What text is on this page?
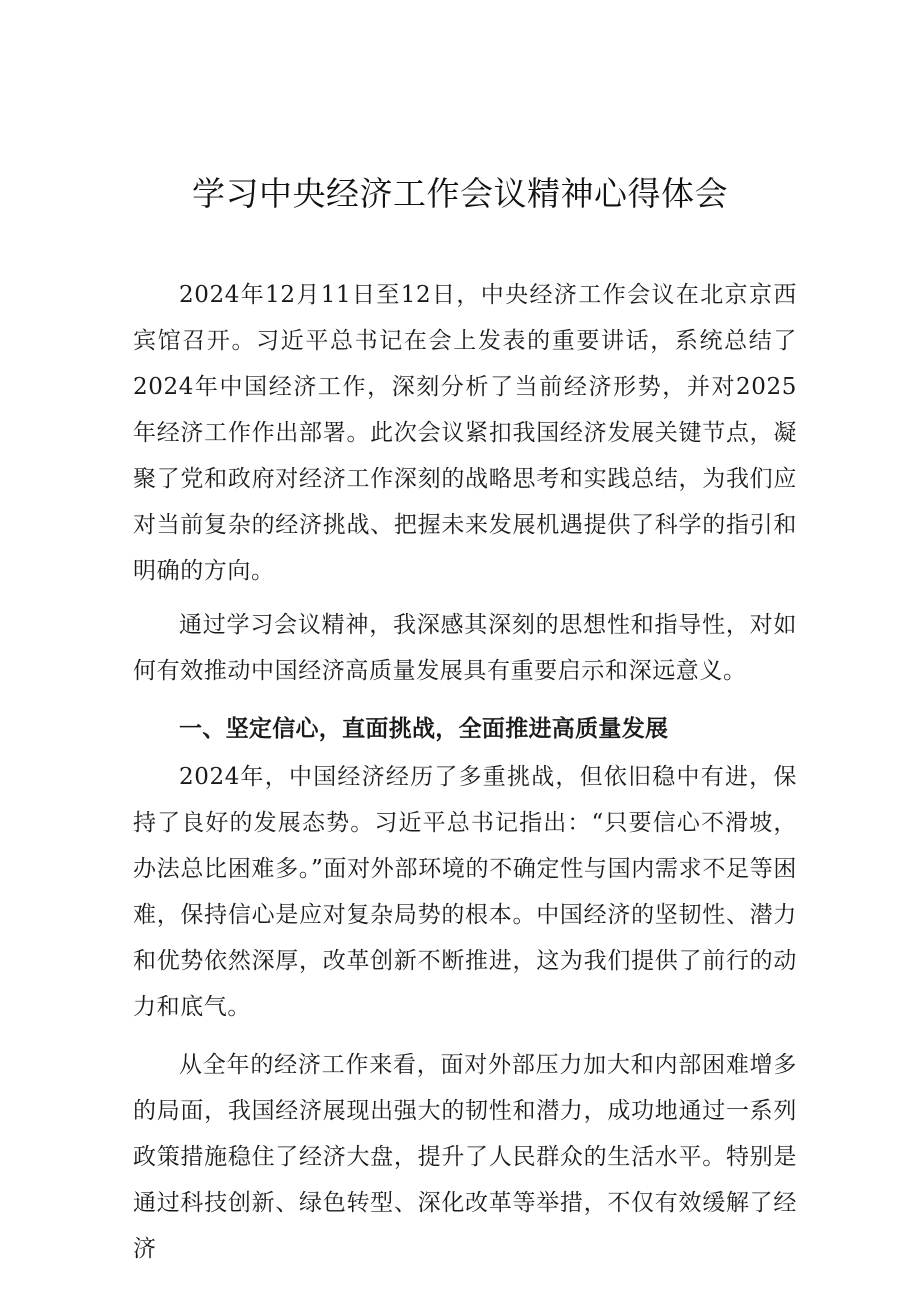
学习中央经济工作会议精神心得体会

2024年12月11日至12日，中央经济工作会议在北京京西宾馆召开。习近平总书记在会上发表的重要讲话，系统总结了2024年中国经济工作，深刻分析了当前经济形势，并对2025年经济工作作出部署。此次会议紧扣我国经济发展关键节点，凝聚了党和政府对经济工作深刻的战略思考和实践总结，为我们应对当前复杂的经济挑战、把握未来发展机遇提供了科学的指引和明确的方向。

通过学习会议精神，我深感其深刻的思想性和指导性，对如何有效推动中国经济高质量发展具有重要启示和深远意义。

一、坚定信心，直面挑战，全面推进高质量发展

2024年，中国经济经历了多重挑战，但依旧稳中有进，保持了良好的发展态势。习近平总书记指出：“只要信心不滑坡，办法总比困难多。”面对外部环境的不确定性与国内需求不足等困难，保持信心是应对复杂局势的根本。中国经济的坚韧性、潜力和优势依然深厚，改革创新不断推进，这为我们提供了前行的动力和底气。

从全年的经济工作来看，面对外部压力加大和内部困难增多的局面，我国经济展现出强大的韧性和潜力，成功地通过一系列政策措施稳住了经济大盘，提升了人民群众的生活水平。特别是通过科技创新、绿色转型、深化改革等举措，不仅有效缓解了经济
